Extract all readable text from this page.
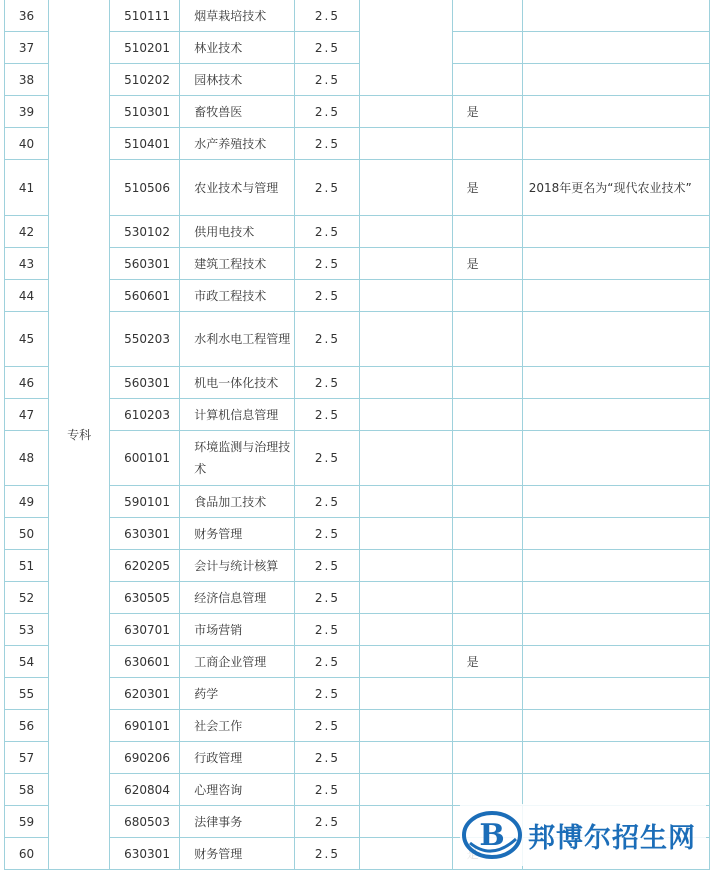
36	专科	510111	烟草栽培技术	2.5			
37		510201	林业技术	2.5			
38		510202	园林技术	2.5			
39		510301	畜牧兽医	2.5		是	
40		510401	水产养殖技术	2.5			
41		510506	农业技术与管理	2.5		是	2018年更名为“现代农业技术”
42		530102	供用电技术	2.5			
43		560301	建筑工程技术	2.5		是	
44		560601	市政工程技术	2.5			
45		550203	水利水电工程管理	2.5			
46		560301	机电一体化技术	2.5			
47		610203	计算机信息管理	2.5			
48		600101	环境监测与治理技术	2.5			
49		590101	食品加工技术	2.5			
50		630301	财务管理	2.5			
51		620205	会计与统计核算	2.5			
52		630505	经济信息管理	2.5			
53		630701	市场营销	2.5			
54		630601	工商企业管理	2.5		是	
55		620301	药学	2.5			
56		690101	社会工作	2.5			
57		690206	行政管理	2.5			
58		620804	心理咨询	2.5			
59		680503	法律事务	2.5			
60		630301	财务管理	2.5			
B 邦博尔招生网
